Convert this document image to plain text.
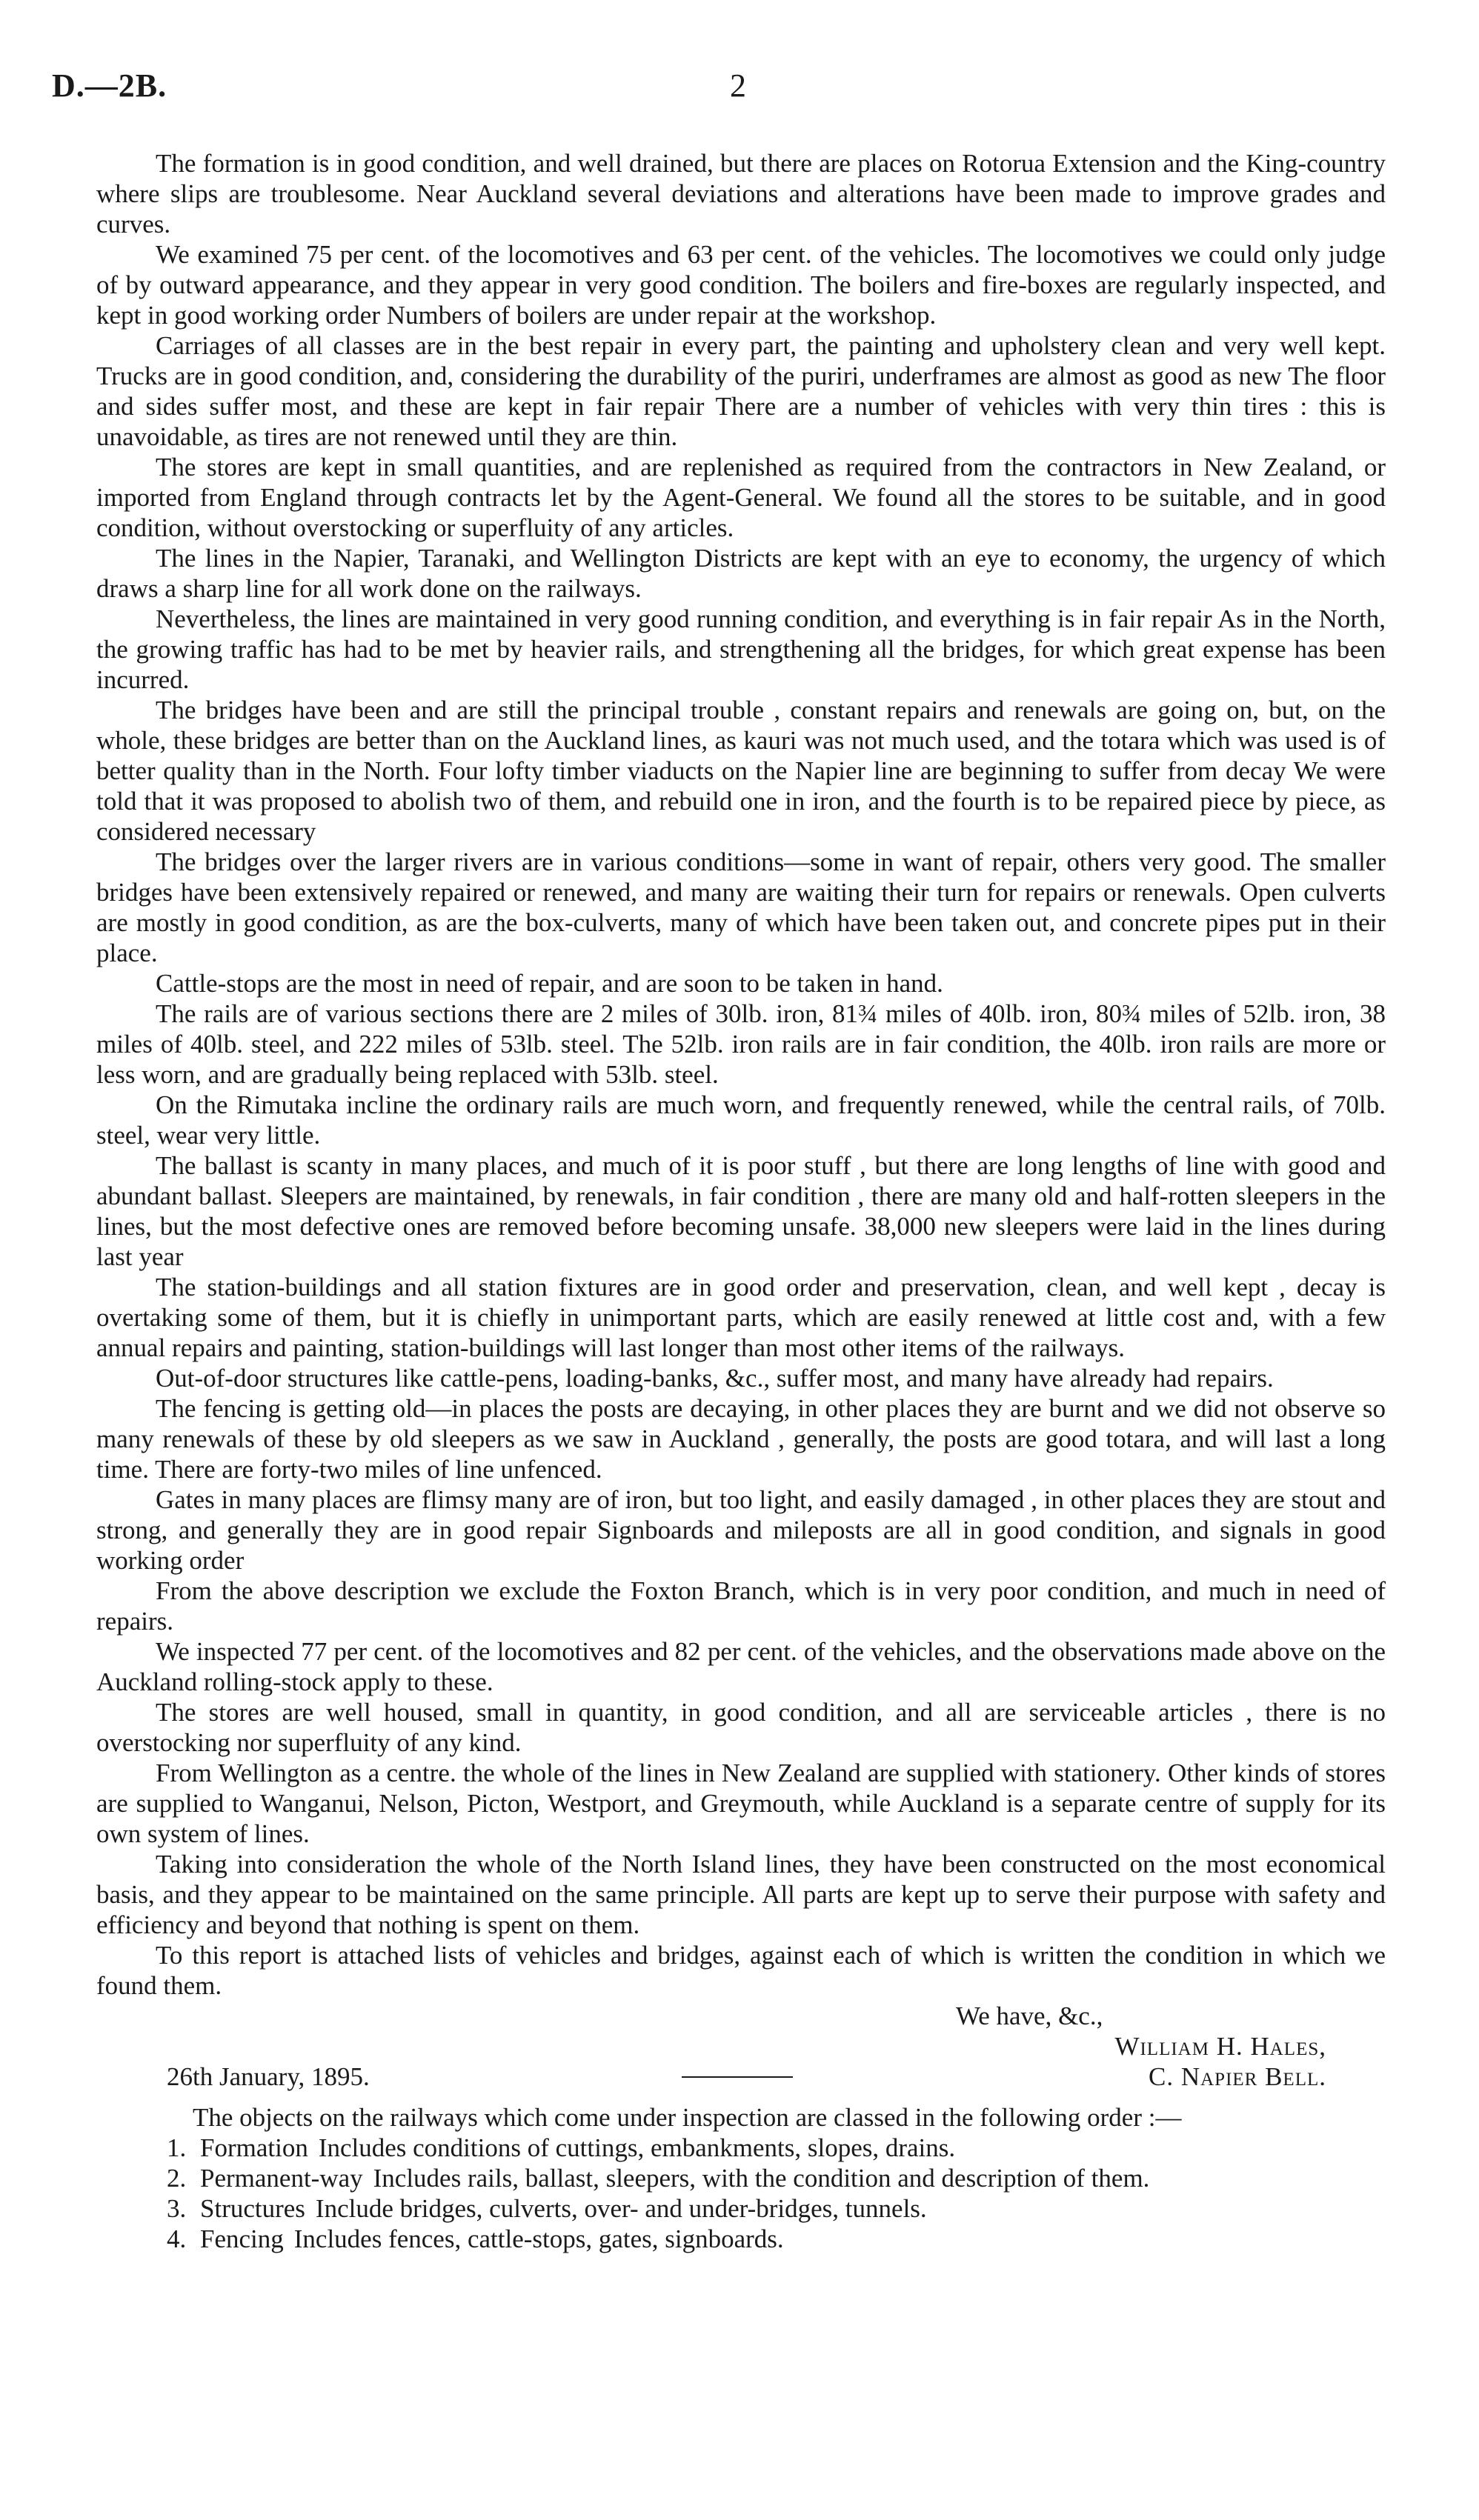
D.—2B.	2

The formation is in good condition, and well drained, but there are places on Rotorua Extension and the King-country where slips are troublesome. Near Auckland several deviations and alterations have been made to improve grades and curves.

We examined 75 per cent. of the locomotives and 63 per cent. of the vehicles. The locomotives we could only judge of by outward appearance, and they appear in very good condition. The boilers and fire-boxes are regularly inspected, and kept in good working order Numbers of boilers are under repair at the workshop.

Carriages of all classes are in the best repair in every part, the painting and upholstery clean and very well kept. Trucks are in good condition, and, considering the durability of the puriri, underframes are almost as good as new The floor and sides suffer most, and these are kept in fair repair There are a number of vehicles with very thin tires : this is unavoidable, as tires are not renewed until they are thin.

The stores are kept in small quantities, and are replenished as required from the contractors in New Zealand, or imported from England through contracts let by the Agent-General. We found all the stores to be suitable, and in good condition, without overstocking or superfluity of any articles.

The lines in the Napier, Taranaki, and Wellington Districts are kept with an eye to economy, the urgency of which draws a sharp line for all work done on the railways.

Nevertheless, the lines are maintained in very good running condition, and everything is in fair repair As in the North, the growing traffic has had to be met by heavier rails, and strengthening all the bridges, for which great expense has been incurred.

The bridges have been and are still the principal trouble , constant repairs and renewals are going on, but, on the whole, these bridges are better than on the Auckland lines, as kauri was not much used, and the totara which was used is of better quality than in the North. Four lofty timber viaducts on the Napier line are beginning to suffer from decay We were told that it was proposed to abolish two of them, and rebuild one in iron, and the fourth is to be repaired piece by piece, as considered necessary

The bridges over the larger rivers are in various conditions—some in want of repair, others very good. The smaller bridges have been extensively repaired or renewed, and many are waiting their turn for repairs or renewals. Open culverts are mostly in good condition, as are the box-culverts, many of which have been taken out, and concrete pipes put in their place.

Cattle-stops are the most in need of repair, and are soon to be taken in hand.

The rails are of various sections there are 2 miles of 30lb. iron, 81¾ miles of 40lb. iron, 80¾ miles of 52lb. iron, 38 miles of 40lb. steel, and 222 miles of 53lb. steel. The 52lb. iron rails are in fair condition, the 40lb. iron rails are more or less worn, and are gradually being replaced with 53lb. steel.

On the Rimutaka incline the ordinary rails are much worn, and frequently renewed, while the central rails, of 70lb. steel, wear very little.

The ballast is scanty in many places, and much of it is poor stuff , but there are long lengths of line with good and abundant ballast. Sleepers are maintained, by renewals, in fair condition , there are many old and half-rotten sleepers in the lines, but the most defective ones are removed before becoming unsafe. 38,000 new sleepers were laid in the lines during last year

The station-buildings and all station fixtures are in good order and preservation, clean, and well kept , decay is overtaking some of them, but it is chiefly in unimportant parts, which are easily renewed at little cost and, with a few annual repairs and painting, station-buildings will last longer than most other items of the railways.

Out-of-door structures like cattle-pens, loading-banks, &c., suffer most, and many have already had repairs.

The fencing is getting old—in places the posts are decaying, in other places they are burnt and we did not observe so many renewals of these by old sleepers as we saw in Auckland , generally, the posts are good totara, and will last a long time. There are forty-two miles of line unfenced.

Gates in many places are flimsy many are of iron, but too light, and easily damaged , in other places they are stout and strong, and generally they are in good repair Signboards and mileposts are all in good condition, and signals in good working order

From the above description we exclude the Foxton Branch, which is in very poor condition, and much in need of repairs.

We inspected 77 per cent. of the locomotives and 82 per cent. of the vehicles, and the observations made above on the Auckland rolling-stock apply to these.

The stores are well housed, small in quantity, in good condition, and all are serviceable articles , there is no overstocking nor superfluity of any kind.

From Wellington as a centre. the whole of the lines in New Zealand are supplied with stationery. Other kinds of stores are supplied to Wanganui, Nelson, Picton, Westport, and Greymouth, while Auckland is a separate centre of supply for its own system of lines.

Taking into consideration the whole of the North Island lines, they have been constructed on the most economical basis, and they appear to be maintained on the same principle. All parts are kept up to serve their purpose with safety and efficiency and beyond that nothing is spent on them.

To this report is attached lists of vehicles and bridges, against each of which is written the condition in which we found them.

We have, &c.,
William H. Hales,
26th January, 1895.	C. Napier Bell.

The objects on the railways which come under inspection are classed in the following order :—

1. Formation Includes conditions of cuttings, embankments, slopes, drains.
2. Permanent-way Includes rails, ballast, sleepers, with the condition and description of them.
3. Structures Include bridges, culverts, over- and under-bridges, tunnels.
4. Fencing Includes fences, cattle-stops, gates, signboards.
